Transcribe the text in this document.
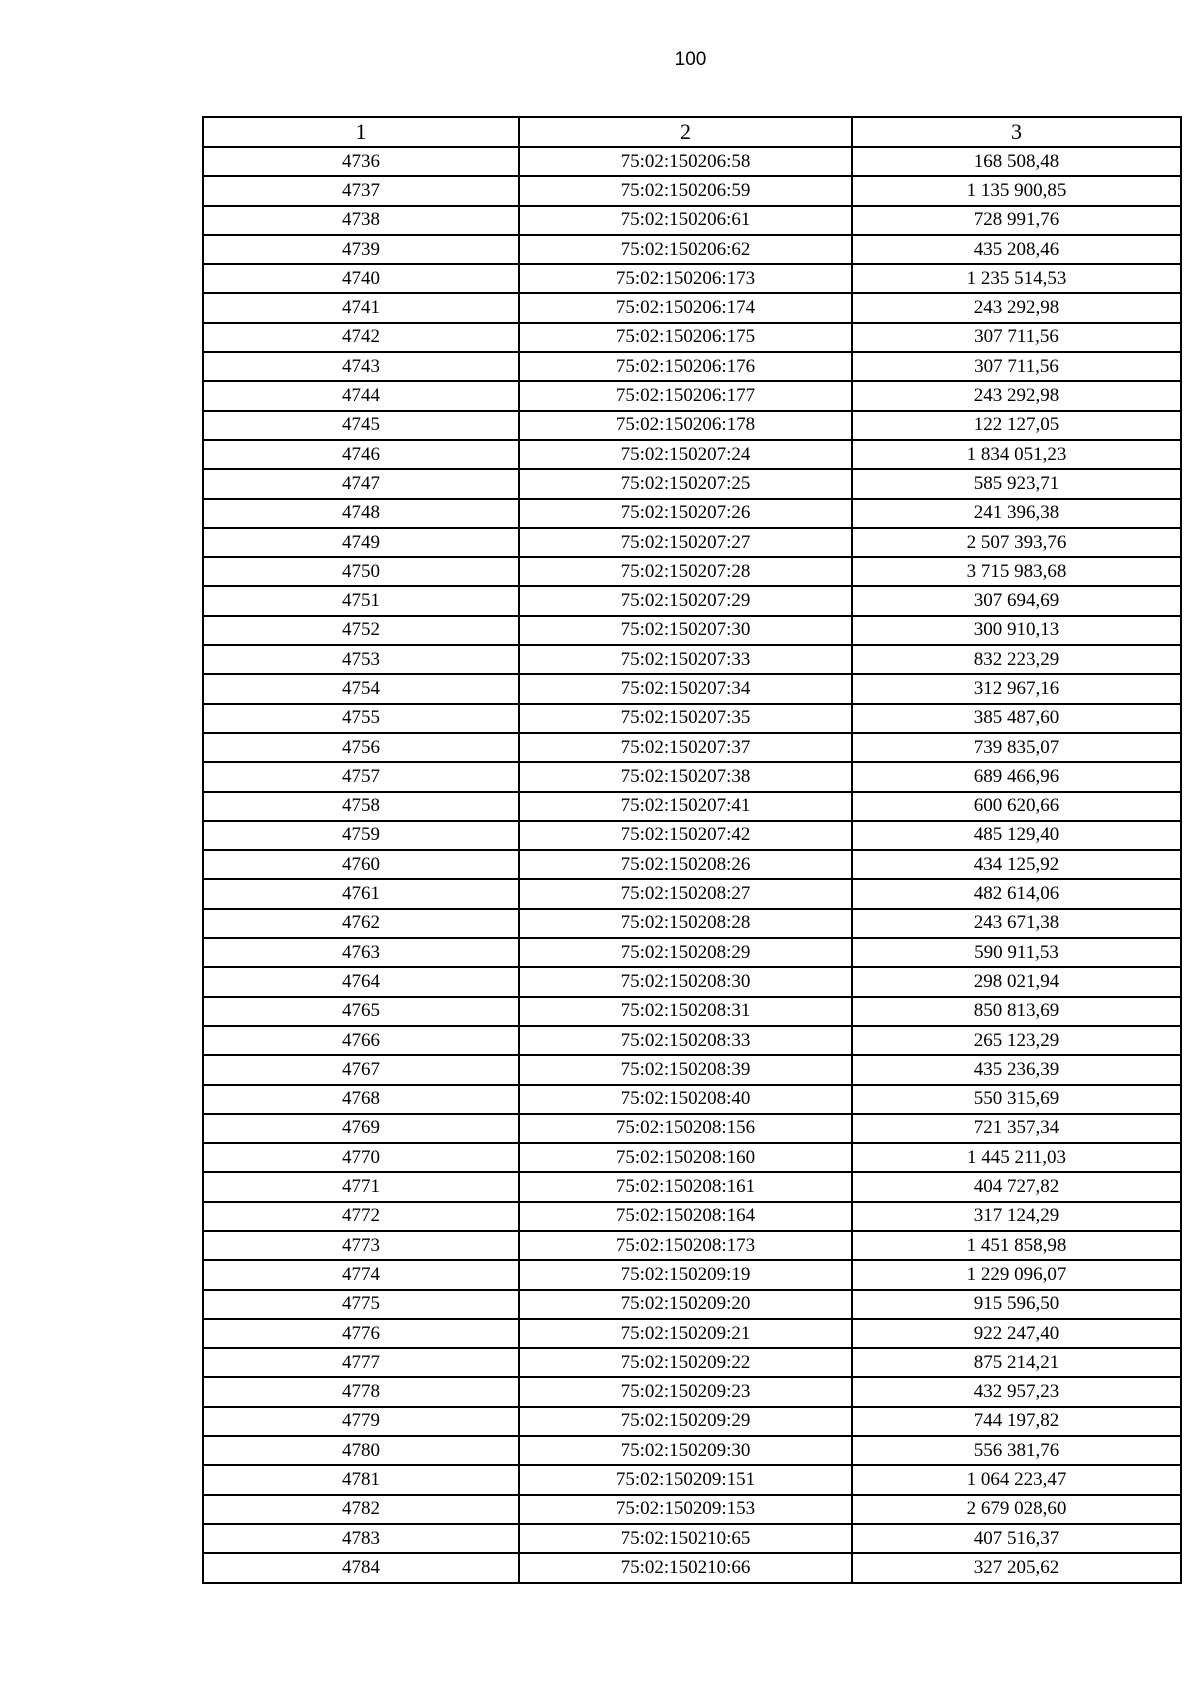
100
1	2	3
4736	75:02:150206:58	168 508,48
4737	75:02:150206:59	1 135 900,85
4738	75:02:150206:61	728 991,76
4739	75:02:150206:62	435 208,46
4740	75:02:150206:173	1 235 514,53
4741	75:02:150206:174	243 292,98
4742	75:02:150206:175	307 711,56
4743	75:02:150206:176	307 711,56
4744	75:02:150206:177	243 292,98
4745	75:02:150206:178	122 127,05
4746	75:02:150207:24	1 834 051,23
4747	75:02:150207:25	585 923,71
4748	75:02:150207:26	241 396,38
4749	75:02:150207:27	2 507 393,76
4750	75:02:150207:28	3 715 983,68
4751	75:02:150207:29	307 694,69
4752	75:02:150207:30	300 910,13
4753	75:02:150207:33	832 223,29
4754	75:02:150207:34	312 967,16
4755	75:02:150207:35	385 487,60
4756	75:02:150207:37	739 835,07
4757	75:02:150207:38	689 466,96
4758	75:02:150207:41	600 620,66
4759	75:02:150207:42	485 129,40
4760	75:02:150208:26	434 125,92
4761	75:02:150208:27	482 614,06
4762	75:02:150208:28	243 671,38
4763	75:02:150208:29	590 911,53
4764	75:02:150208:30	298 021,94
4765	75:02:150208:31	850 813,69
4766	75:02:150208:33	265 123,29
4767	75:02:150208:39	435 236,39
4768	75:02:150208:40	550 315,69
4769	75:02:150208:156	721 357,34
4770	75:02:150208:160	1 445 211,03
4771	75:02:150208:161	404 727,82
4772	75:02:150208:164	317 124,29
4773	75:02:150208:173	1 451 858,98
4774	75:02:150209:19	1 229 096,07
4775	75:02:150209:20	915 596,50
4776	75:02:150209:21	922 247,40
4777	75:02:150209:22	875 214,21
4778	75:02:150209:23	432 957,23
4779	75:02:150209:29	744 197,82
4780	75:02:150209:30	556 381,76
4781	75:02:150209:151	1 064 223,47
4782	75:02:150209:153	2 679 028,60
4783	75:02:150210:65	407 516,37
4784	75:02:150210:66	327 205,62
